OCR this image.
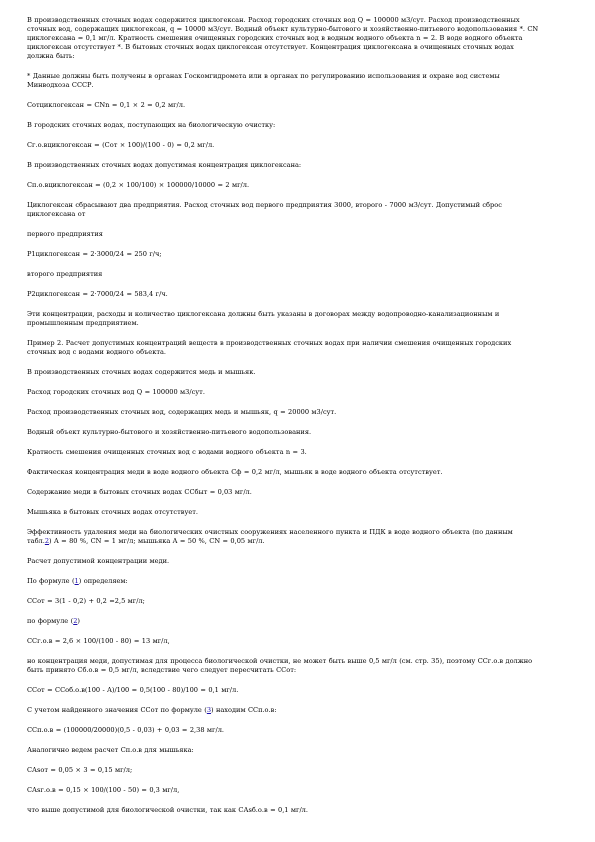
В производственных сточных водах содержится циклогексан. Расход городских сточных вод Q = 100000 м3/сут. Расход производственных сточных вод, содержащих циклогексан, q = 10000 м3/сут. Водный объект культурно-бытового и хозяйственно-питьевого водопользования *. CN циклогексана = 0,1 мг/л. Кратность смешения очищенных городских сточных вод в водным водного объекта n = 2. В воде водного объекта циклогексан отсутствует *. В бытовых сточных водах циклогексан отсутствует. Концентрация циклогексана в очищенных сточных водах должна быть:

* Данные должны быть получены в органах Госкомгидромета или в органах по регулированию использования и охране вод системы Минводхоза СССР.

Сотциклогексан = CNn = 0,1 × 2 = 0,2 мг/л.

В городских сточных водах, поступающих на биологическую очистку:

Сг.о.вциклогексан = (Сот × 100)/(100 - 0) = 0,2 мг/л.

В производственных сточных водах допустимая концентрация циклогексана:

Сп.о.вциклогексан = (0,2 × 100/100) × 100000/10000 = 2 мг/л.

Циклогексан сбрасывают два предприятия. Расход сточных вод первого предприятия 3000, второго - 7000 м3/сут. Допустимый сброс циклогексана от

первого предприятия

P1циклогексан = 2·3000/24 = 250 г/ч;

второго предприятия

P2циклогексан = 2·7000/24 = 583,4 г/ч.

Эти концентрации, расходы и количество циклогексана должны быть указаны в договорах между водопроводно-канализационным и промышленным предприятием.

Пример 2. Расчет допустимых концентраций веществ в производственных сточных водах при наличии смешения очищенных городских сточных вод с водами водного объекта.

В производственных сточных водах содержится медь и мышьяк.

Расход городских сточных вод Q = 100000 м3/сут.

Расход производственных сточных вод, содержащих медь и мышьяк, q = 20000 м3/сут.

Водный объект культурно-бытового и хозяйственно-питьевого водопользования.

Кратность смешения очищенных сточных вод с водами водного объекта n = 3.

Фактическая концентрация меди в воде водного объекта Сф = 0,2 мг/л, мышьяк в воде водного объекта отсутствует.

Содержание меди в бытовых сточных водах ССбыт = 0,03 мг/л.

Мышьяка в бытовых сточных водах отсутствует.

Эффективность удаления меди на биологических очистных сооружениях населенного пункта и ПДК в воде водного объекта (по данным табл.2) A = 80 %, CN = 1 мг/л; мышьяка A = 50 %, CN = 0,05 мг/л.

Расчет допустимой концентрации меди.

По формуле (1) определяем:

ССот = 3(1 - 0,2) + 0,2 =2,5 мг/л;

по формуле (2)

ССг.о.в = 2,6 × 100/(100 - 80) = 13 мг/л,

но концентрация меди, допустимая для процесса биологической очистки, не может быть выше 0,5 мг/л (см. стр. 35), поэтому ССг.о.в должно быть принято Сб.о.в = 0,5 мг/л, вследствие чего следует пересчитать ССот:

ССот = ССоб.о.в(100 - A)/100 = 0,5(100 - 80)/100 = 0,1 мг/л.

С учетом найденного значения ССот по формуле (3) находим ССп.о.в:

ССп.о.в = (100000/20000)(0,5 - 0,03) + 0,03 = 2,38 мг/л.

Аналогично ведем расчет Сп.о.в для мышьяка:

САsот = 0,05 × 3 = 0,15 мг/л;

САsг.о.в = 0,15 × 100/(100 - 50) = 0,3 мг/л,

что выше допустимой для биологической очистки, так как САsб.о.в = 0,1 мг/л.
